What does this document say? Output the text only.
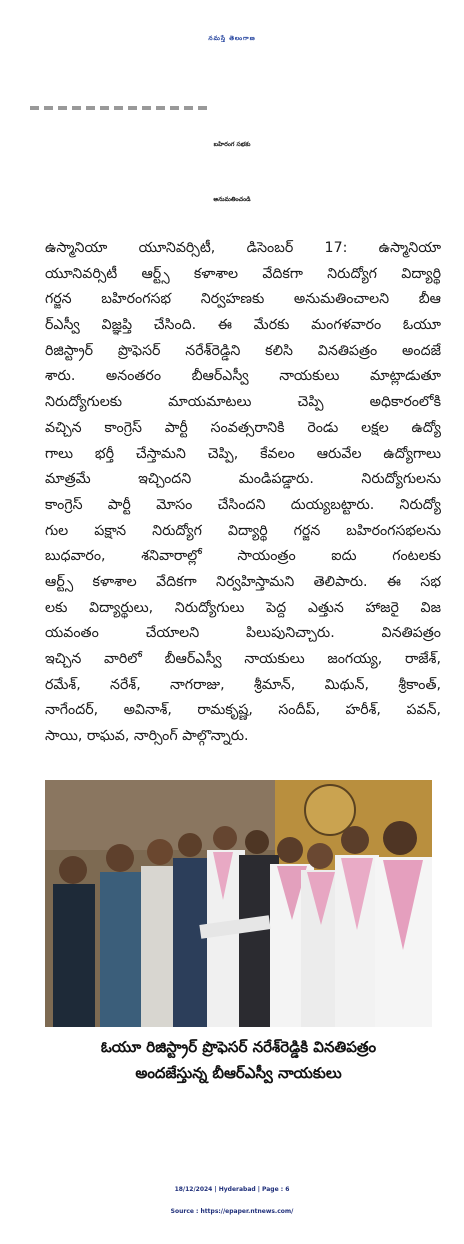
నమస్తే తెలంగాణ
బహిరంగ సభకు
అనుమతించండి
ఉస్మానియా యూనివర్సిటీ, డిసెంబర్ 17: ఉస్మానియా
యూనివర్సిటీ ఆర్ట్స్ కళాశాల వేదికగా నిరుద్యోగ విద్యార్థి
గర్జన బహిరంగసభ నిర్వహణకు అనుమతించాలని బీఆ
ర్‌ఎస్వీ విజ్ఞప్తి చేసింది. ఈ మేరకు మంగళవారం ఓయూ
రిజిస్ట్రార్ ప్రొఫెసర్ నరేశ్‌రెడ్డిని కలిసి వినతిపత్రం అందజే
శారు. అనంతరం బీఆర్‌ఎస్వీ నాయకులు మాట్లాడుతూ
నిరుద్యోగులకు మాయమాటలు చెప్పి అధికారంలోకి
వచ్చిన కాంగ్రెస్ పార్టీ సంవత్సరానికి రెండు లక్షల ఉద్యో
గాలు భర్తీ చేస్తామని చెప్పి, కేవలం ఆరువేల ఉద్యోగాలు
మాత్రమే ఇచ్చిందని మండిపడ్డారు. నిరుద్యోగులను
కాంగ్రెస్ పార్టీ మోసం చేసిందని దుయ్యబట్టారు. నిరుద్యో
గుల పక్షాన నిరుద్యోగ విద్యార్థి గర్జన బహిరంగసభలను
బుధవారం, శనివారాల్లో సాయంత్రం ఐదు గంటలకు
ఆర్ట్స్ కళాశాల వేదికగా నిర్వహిస్తామని తెలిపారు. ఈ సభ
లకు విద్యార్థులు, నిరుద్యోగులు పెద్ద ఎత్తున హాజరై విజ
యవంతం చేయాలని పిలుపునిచ్చారు. వినతిపత్రం
ఇచ్చిన వారిలో బీఆర్‌ఎస్వీ నాయకులు జంగయ్య, రాజేశ్,
రమేశ్, నరేశ్, నాగరాజు, శ్రీమాన్, మిథున్, శ్రీకాంత్,
నాగేందర్, అవినాశ్, రామకృష్ణ, సందీప్, హరీశ్, పవన్,
సాయి, రాఘవ, నార్సింగ్ పాల్గొన్నారు.
ఓయూ రిజిస్ట్రార్ ప్రొఫెసర్ నరేశ్‌రెడ్డికి వినతిపత్రం
అందజేస్తున్న బీఆర్‌ఎస్వీ నాయకులు
18/12/2024 | Hyderabad | Page : 6
Source : https://epaper.ntnews.com/
